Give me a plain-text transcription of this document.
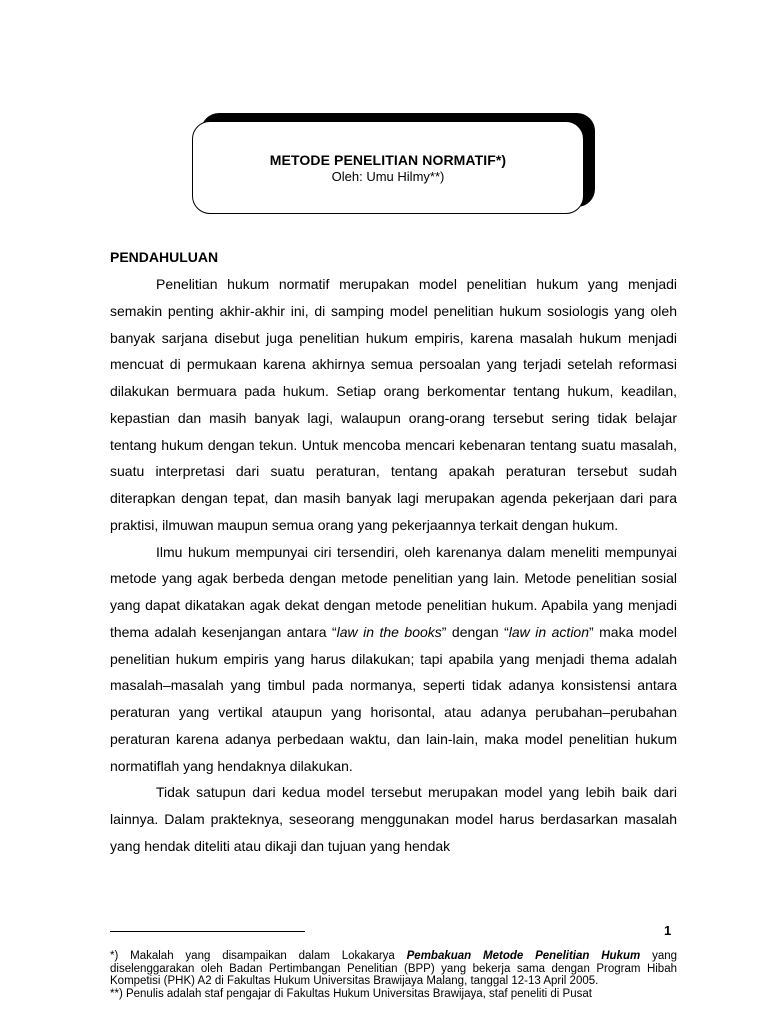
METODE PENELITIAN NORMATIF*)
Oleh: Umu Hilmy**)
PENDAHULUAN

Penelitian hukum normatif merupakan model penelitian hukum yang menjadi semakin penting akhir-akhir ini, di samping model penelitian hukum sosiologis yang oleh banyak sarjana disebut juga penelitian hukum empiris, karena masalah hukum menjadi mencuat di permukaan karena akhirnya semua persoalan yang terjadi setelah reformasi dilakukan bermuara pada hukum. Setiap orang berkomentar tentang hukum, keadilan, kepastian dan masih banyak lagi, walaupun orang-orang tersebut sering tidak belajar tentang hukum dengan tekun. Untuk mencoba mencari kebenaran tentang suatu masalah, suatu interpretasi dari suatu peraturan, tentang apakah peraturan tersebut sudah diterapkan dengan tepat, dan masih banyak lagi merupakan agenda pekerjaan dari para praktisi, ilmuwan maupun semua orang yang pekerjaannya terkait dengan hukum.

Ilmu hukum mempunyai ciri tersendiri, oleh karenanya dalam meneliti mempunyai metode yang agak berbeda dengan metode penelitian yang lain. Metode penelitian sosial yang dapat dikatakan agak dekat dengan metode penelitian hukum. Apabila yang menjadi thema adalah kesenjangan antara “law in the books” dengan “law in action” maka model penelitian hukum empiris yang harus dilakukan; tapi apabila yang menjadi thema adalah masalah–masalah yang timbul pada normanya, seperti tidak adanya konsistensi antara peraturan yang vertikal ataupun yang horisontal, atau adanya perubahan–perubahan peraturan karena adanya perbedaan waktu, dan lain-lain, maka model penelitian hukum normatiflah yang hendaknya dilakukan.

Tidak satupun dari kedua model tersebut merupakan model yang lebih baik dari lainnya. Dalam prakteknya, seseorang menggunakan model harus berdasarkan masalah yang hendak diteliti atau dikaji dan tujuan yang hendak

1

*) Makalah yang disampaikan dalam Lokakarya Pembakuan Metode Penelitian Hukum yang diselenggarakan oleh Badan Pertimbangan Penelitian (BPP) yang bekerja sama dengan Program Hibah Kompetisi (PHK) A2 di Fakultas Hukum Universitas Brawijaya Malang, tanggal 12-13 April 2005.

**) Penulis adalah staf pengajar di Fakultas Hukum Universitas Brawijaya, staf peneliti di Pusat
